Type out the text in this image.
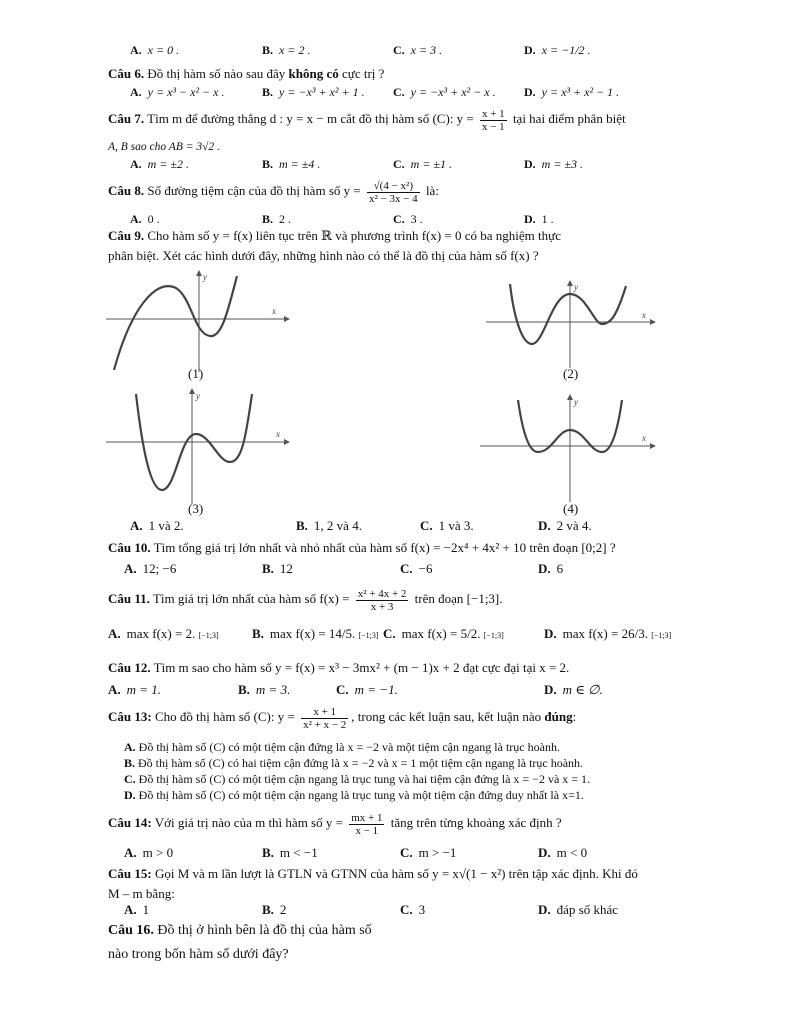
A. x = 0 .	B. x = 2 .	C. x = 3 .	D. x = −1/2 .
Câu 6. Đồ thị hàm số nào sau đây không có cực trị ?
A. y = x³ − x² − x .	B. y = −x³ + x² + 1 . C. y = −x³ + x² − x . D. y = x³ + x² − 1 .
Câu 7. Tìm m để đường thẳng d : y = x − m cắt đồ thị hàm số (C): $y = \frac{x + 1}{x - 1}$ tại hai điểm phân biệt
A, B sao cho AB = 3√2 .
A. m = ±2 .	B. m = ±4 .	C. m = ±1 .	D. m = ±3 .
Câu 8. Số đường tiệm cận của đồ thị hàm số $y = \frac{\text{√(4 − x²)}}{\text{x² − 3x − 4}}$ là:
A. 0 .	B. 2 .	C. 3 .	D. 1 .
Câu 9. Cho hàm số y = f(x) liên tục trên ℝ và phương trình f(x) = 0 có ba nghiệm thực
phân biệt. Xét các hình dưới đây, những hình nào có thể là đồ thị của hàm số f(x) ?
x
y
(1)
x
y
(2)
x
y
(3)
x
y
(4)
A. 1 và 2.	B. 1, 2 và 4.	C. 1 và 3.	D. 2 và 4.
Câu 10. Tìm tổng giá trị lớn nhất và nhỏ nhất của hàm số f(x) = −2x⁴ + 4x² + 10 trên đoạn [0;2] ?
A. 12; −6	B. 12	C. −6	D. 6
Câu 11. Tìm giá trị lớn nhất của hàm số $f(x) = \frac{\text{x² + 4x + 2}}{x + 3}$ trên đoạn [−1;3].
A. max f(x) = 2. [−1;3]	B. max f(x) = 14/5. [−1;3] C. max f(x) = 5/2. [−1;3]	D. max f(x) = 26/3. [−1;3]
Câu 12. Tìm m sao cho hàm số y = f(x) = x³ − 3mx² + (m − 1)x + 2 đạt cực đại tại x = 2.
A. m = 1.	B. m = 3.	C. m = −1.	D. m ∈ ∅.
Câu 13: Cho đồ thị hàm số (C): $y = \frac{x + 1}{\text{x² + x − 2}}$ , trong các kết luận sau, kết luận nào đúng:
A. Đồ thị hàm số (C) có một tiệm cận đứng là x = −2 và một tiệm cận ngang là trục hoành.
B. Đồ thị hàm số (C) có hai tiệm cận đứng là x = −2 và x = 1 một tiệm cận ngang là trục hoành.
C. Đồ thị hàm số (C) có một tiệm cận ngang là trục tung và hai tiệm cận đứng là x = −2 và x = 1.
D. Đồ thị hàm số (C) có một tiệm cận ngang là trục tung và một tiệm cận đứng duy nhất là x=1.
Câu 14: Với giá trị nào của m thì hàm số $y = \frac{mx + 1}{x - 1}$ tăng trên từng khoảng xác định ?
A. m > 0	B. m < −1	C. m > −1	D. m < 0
Câu 15: Gọi M và m lần lượt là GTLN và GTNN của hàm số y = x√(1 − x²) trên tập xác định. Khi đó
M – m bằng:
A. 1	B. 2	C. 3	D. đáp số khác
Câu 16. Đồ thị ở hình bên là đồ thị của hàm số
nào trong bốn hàm số dưới đây?
